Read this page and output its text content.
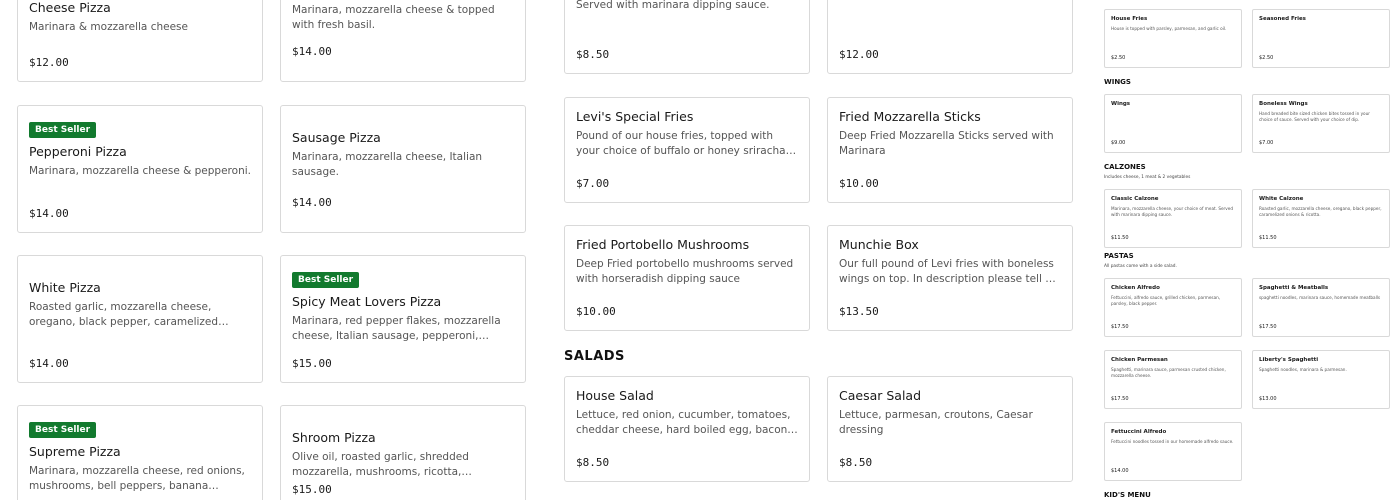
Cheese Pizza
Marinara & mozzarella cheese
$12.00
Best Seller
Pepperoni Pizza
Marinara, mozzarella cheese & pepperoni.
$14.00
White Pizza
Roasted garlic, mozzarella cheese, oregano, black pepper, caramelized
$14.00
Best Seller
Supreme Pizza
Marinara, mozzarella cheese, red onions, mushrooms, bell peppers, banana
Marinara, mozzarella cheese & topped with fresh basil.
$14.00
Sausage Pizza
Marinara, mozzarella cheese, Italian sausage.
$14.00
Best Seller
Spicy Meat Lovers Pizza
Marinara, red pepper flakes, mozzarella cheese, Italian sausage, pepperoni,
$15.00
Shroom Pizza
Olive oil, roasted garlic, shredded mozzarella, mushrooms, ricotta,
$15.00
Served with marinara dipping sauce.
$8.50
Levi's Special Fries
Pound of our house fries, topped with your choice of buffalo or honey sriracha
$7.00
Fried Portobello Mushrooms
Deep Fried portobello mushrooms served with horseradish dipping sauce
$10.00
$12.00
Fried Mozzarella Sticks
Deep Fried Mozzarella Sticks served with Marinara
$10.00
Munchie Box
Our full pound of Levi fries with boneless wings on top. In description please tell us
$13.50
SALADS
House Salad
Lettuce, red onion, cucumber, tomatoes, cheddar cheese, hard boiled egg, bacon
$8.50
Caesar Salad
Lettuce, parmesan, croutons, Caesar dressing
$8.50
House Fries
House is topped with parsley, parmesan, and garlic oil.
$2.50
Seasoned Fries
$2.50
WINGS
Wings
$9.00
Boneless Wings
Hand breaded bite sized chicken bites tossed in your choice of sauce. Served with your choice of dip.
$7.00
CALZONES
Includes cheese, 1 meat & 2 vegetables
Classic Calzone
Marinara, mozzarella cheese, your choice of meat. Served with marinara dipping sauce.
$11.50
White Calzone
Roasted garlic, mozzarella cheese, oregano, black pepper, caramelized onions & ricotta.
$11.50
PASTAS
All pastas come with a side salad.
Chicken Alfredo
Fettuccini, alfredo sauce, grilled chicken, parmesan, parsley, black pepper.
$17.50
Spaghetti & Meatballs
spaghetti noodles, marinara sauce, homemade meatballs
$17.50
Chicken Parmesan
Spaghetti, marinara sauce, parmesan crusted chicken, mozzarella cheese.
$17.50
Liberty's Spaghetti
Spaghetti noodles, marinara & parmesan.
$13.00
Fettuccini Alfredo
Fettuccini noodles tossed in our homemade alfredo sauce.
$14.00
KID'S MENU
